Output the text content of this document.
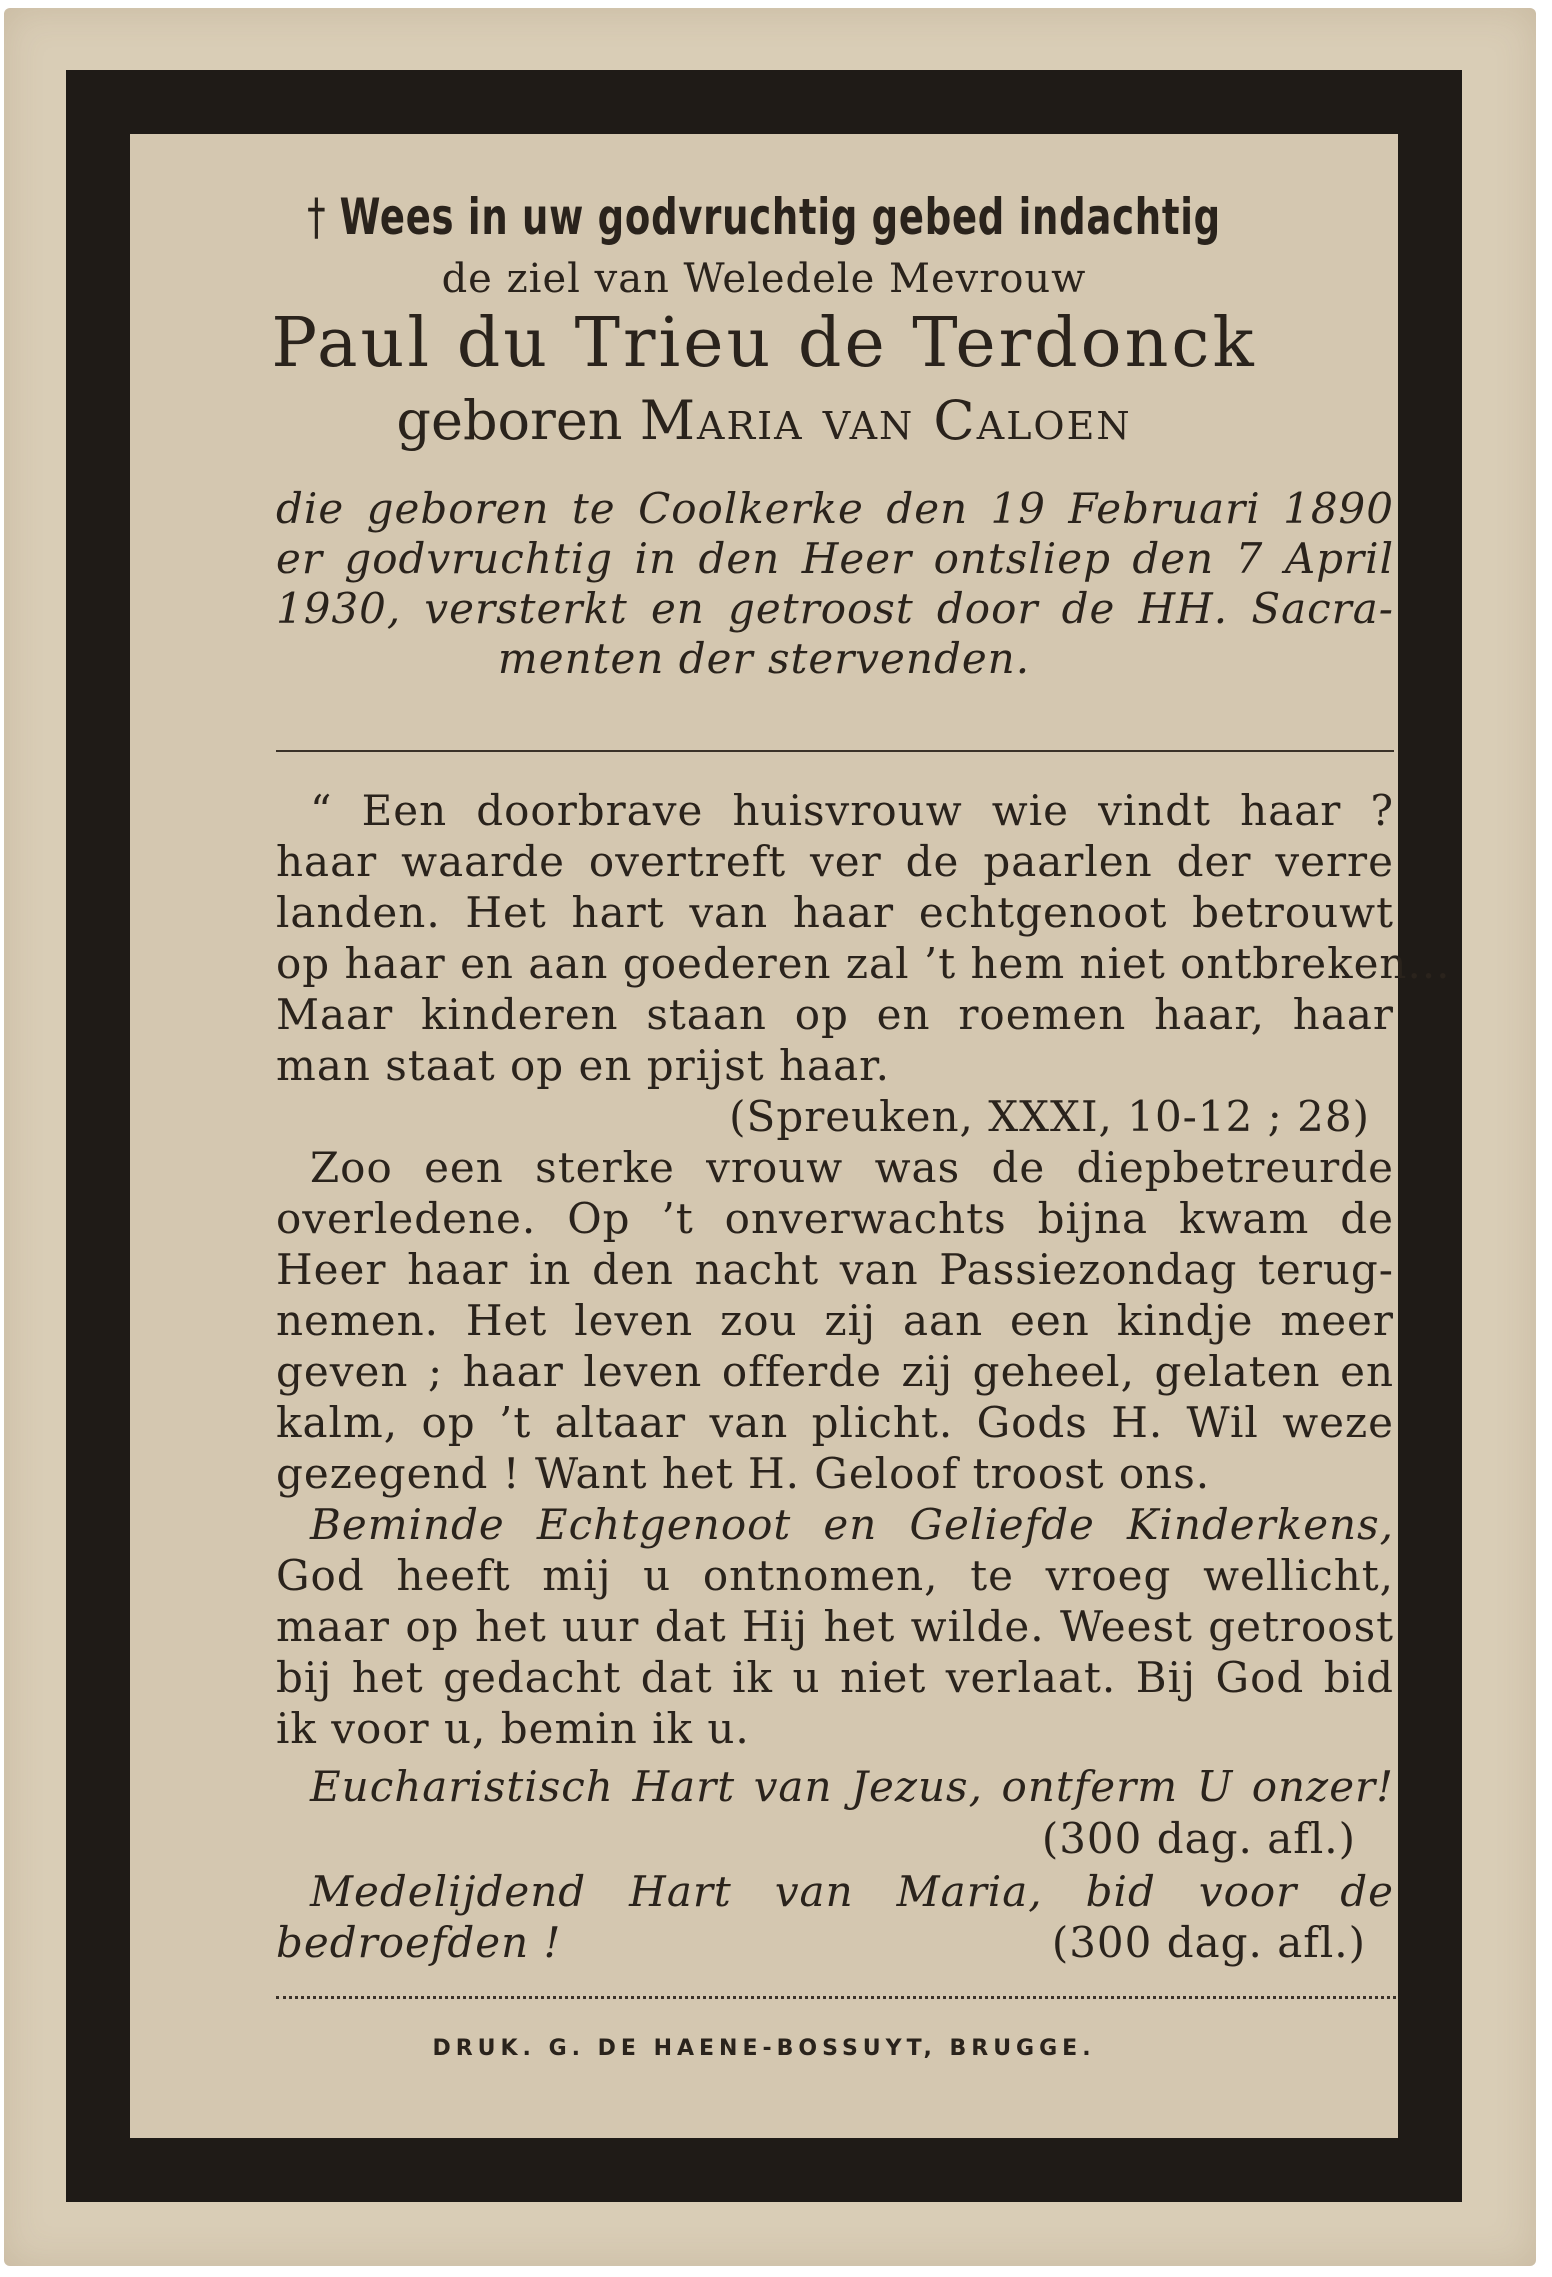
† Wees in uw godvruchtig gebed indachtig
de ziel van Weledele Mevrouw
Paul du Trieu de Terdonck
geboren Maria van Caloen
die geboren te Coolkerke den 19 Februari 1890
er godvruchtig in den Heer ontsliep den 7 April
1930, versterkt en getroost door de HH. Sacra-
menten der stervenden.
“ Een doorbrave huisvrouw wie vindt haar ?
haar waarde overtreft ver de paarlen der verre
landen. Het hart van haar echtgenoot betrouwt
op haar en aan goederen zal ’t hem niet ontbreken...
Maar kinderen staan op en roemen haar, haar
man staat op en prijst haar.
(Spreuken, XXXI, 10-12 ; 28)
Zoo een sterke vrouw was de diepbetreurde
overledene. Op ’t onverwachts bijna kwam de
Heer haar in den nacht van Passiezondag terug-
nemen. Het leven zou zij aan een kindje meer
geven ; haar leven offerde zij geheel, gelaten en
kalm, op ’t altaar van plicht. Gods H. Wil weze
gezegend ! Want het H. Geloof troost ons.
Beminde Echtgenoot en Geliefde Kinderkens,
God heeft mij u ontnomen, te vroeg wellicht,
maar op het uur dat Hij het wilde. Weest getroost
bij het gedacht dat ik u niet verlaat. Bij God bid
ik voor u, bemin ik u.
Eucharistisch Hart van Jezus, ontferm U onzer!
(300 dag. afl.)
Medelijdend Hart van Maria, bid voor de
bedroefden !	(300 dag. afl.)
DRUK. G. DE HAENE-BOSSUYT, BRUGGE.
